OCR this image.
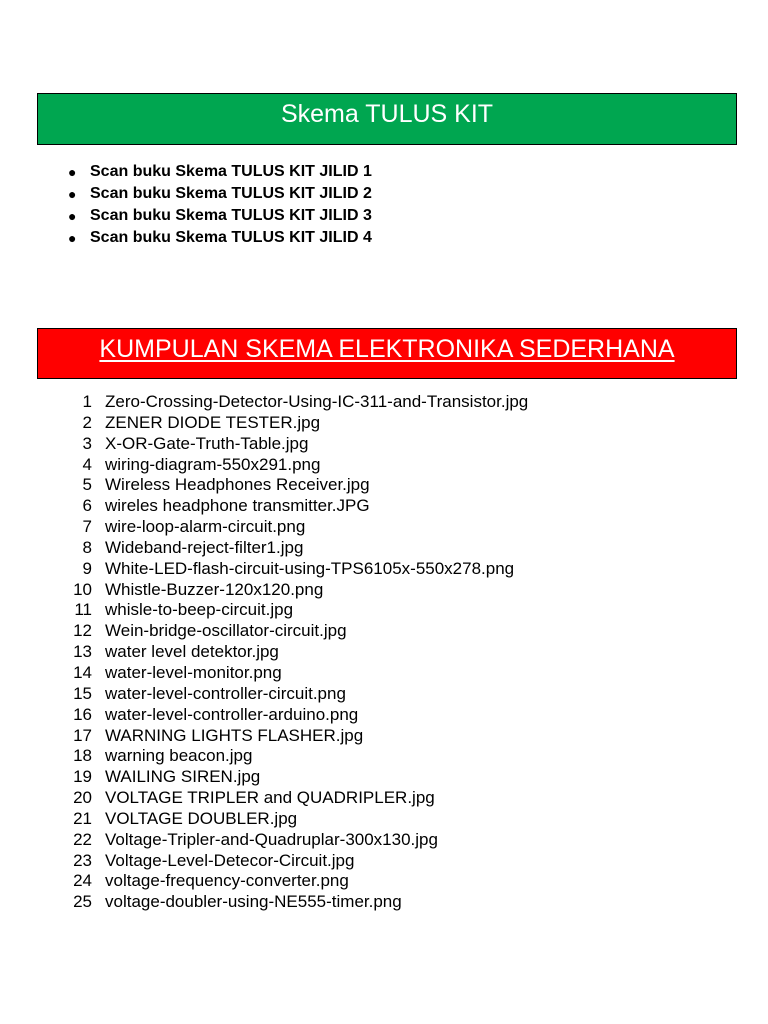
Skema TULUS KIT
● Scan buku Skema TULUS KIT JILID 1
● Scan buku Skema TULUS KIT JILID 2
● Scan buku Skema TULUS KIT JILID 3
● Scan buku Skema TULUS KIT JILID 4
KUMPULAN SKEMA ELEKTRONIKA SEDERHANA
1 Zero-Crossing-Detector-Using-IC-311-and-Transistor.jpg
2 ZENER DIODE TESTER.jpg
3 X-OR-Gate-Truth-Table.jpg
4 wiring-diagram-550x291.png
5 Wireless Headphones Receiver.jpg
6 wireles headphone transmitter.JPG
7 wire-loop-alarm-circuit.png
8 Wideband-reject-filter1.jpg
9 White-LED-flash-circuit-using-TPS6105x-550x278.png
10 Whistle-Buzzer-120x120.png
11 whisle-to-beep-circuit.jpg
12 Wein-bridge-oscillator-circuit.jpg
13 water level detektor.jpg
14 water-level-monitor.png
15 water-level-controller-circuit.png
16 water-level-controller-arduino.png
17 WARNING LIGHTS FLASHER.jpg
18 warning beacon.jpg
19 WAILING SIREN.jpg
20 VOLTAGE TRIPLER and QUADRIPLER.jpg
21 VOLTAGE DOUBLER.jpg
22 Voltage-Tripler-and-Quadruplar-300x130.jpg
23 Voltage-Level-Detecor-Circuit.jpg
24 voltage-frequency-converter.png
25 voltage-doubler-using-NE555-timer.png
